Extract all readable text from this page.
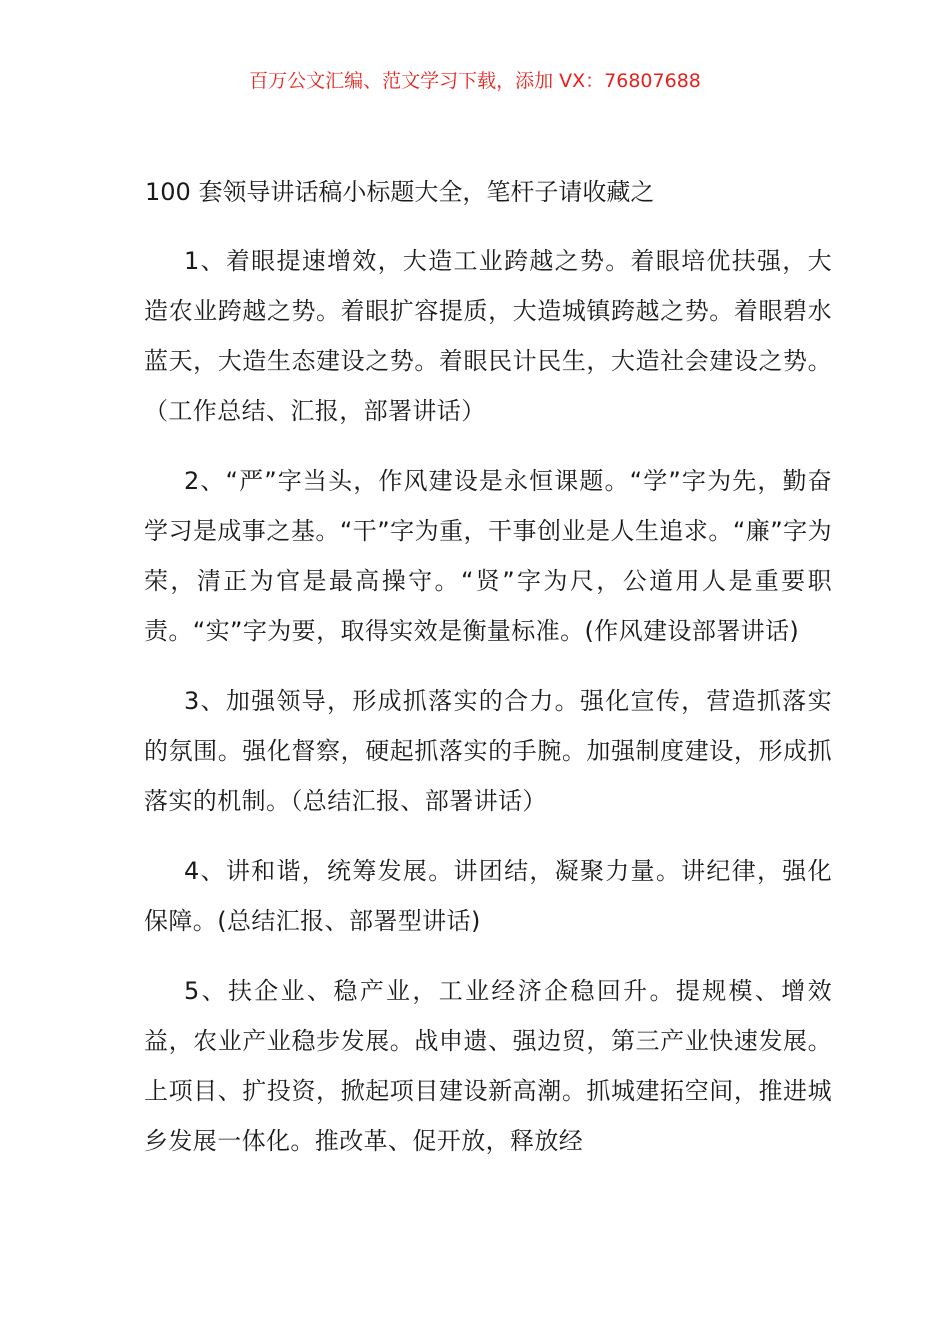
百万公文汇编、范文学习下载，添加 VX：76807688
100 套领导讲话稿小标题大全，笔杆子请收藏之

1、着眼提速增效，大造工业跨越之势。着眼培优扶强，大造农业跨越之势。着眼扩容提质，大造城镇跨越之势。着眼碧水蓝天，大造生态建设之势。着眼民计民生，大造社会建设之势。（工作总结、汇报，部署讲话）

2、“严”字当头，作风建设是永恒课题。“学”字为先，勤奋学习是成事之基。“干”字为重，干事创业是人生追求。“廉”字为荣，清正为官是最高操守。“贤”字为尺，公道用人是重要职责。“实”字为要，取得实效是衡量标准。(作风建设部署讲话)

3、加强领导，形成抓落实的合力。强化宣传，营造抓落实的氛围。强化督察，硬起抓落实的手腕。加强制度建设，形成抓落实的机制。（总结汇报、部署讲话）

4、讲和谐，统筹发展。讲团结，凝聚力量。讲纪律，强化保障。(总结汇报、部署型讲话)

5、扶企业、稳产业，工业经济企稳回升。提规模、增效益，农业产业稳步发展。战申遗、强边贸，第三产业快速发展。上项目、扩投资，掀起项目建设新高潮。抓城建拓空间，推进城乡发展一体化。推改革、促开放，释放经
